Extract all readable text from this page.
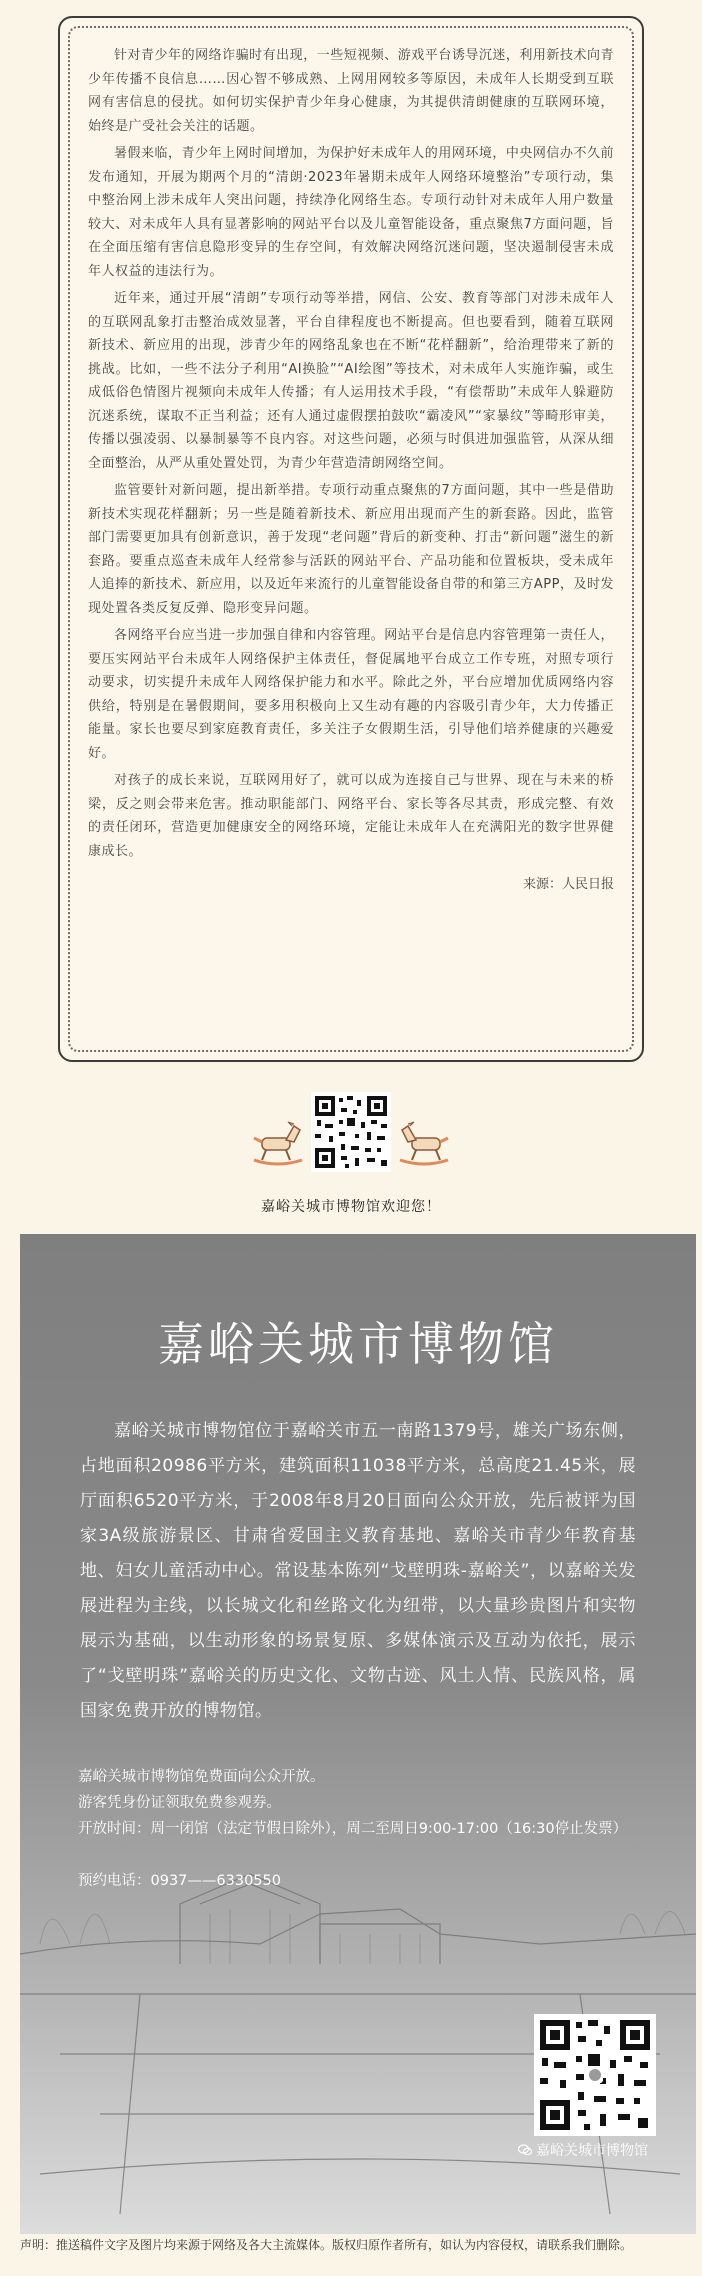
针对青少年的网络诈骗时有出现，一些短视频、游戏平台诱导沉迷，利用新技术向青少年传播不良信息……因心智不够成熟、上网用网较多等原因，未成年人长期受到互联网有害信息的侵扰。如何切实保护青少年身心健康，为其提供清朗健康的互联网环境，始终是广受社会关注的话题。

暑假来临，青少年上网时间增加，为保护好未成年人的用网环境，中央网信办不久前发布通知，开展为期两个月的“清朗·2023年暑期未成年人网络环境整治”专项行动，集中整治网上涉未成年人突出问题，持续净化网络生态。专项行动针对未成年人用户数量较大、对未成年人具有显著影响的网站平台以及儿童智能设备，重点聚焦7方面问题，旨在全面压缩有害信息隐形变异的生存空间，有效解决网络沉迷问题，坚决遏制侵害未成年人权益的违法行为。

近年来，通过开展“清朗”专项行动等举措，网信、公安、教育等部门对涉未成年人的互联网乱象打击整治成效显著，平台自律程度也不断提高。但也要看到，随着互联网新技术、新应用的出现，涉青少年的网络乱象也在不断“花样翻新”，给治理带来了新的挑战。比如，一些不法分子利用“AI换脸”“AI绘图”等技术，对未成年人实施诈骗，或生成低俗色情图片视频向未成年人传播；有人运用技术手段，“有偿帮助”未成年人躲避防沉迷系统，谋取不正当利益；还有人通过虚假摆拍鼓吹“霸凌风”“家暴纹”等畸形审美，传播以强凌弱、以暴制暴等不良内容。对这些问题，必须与时俱进加强监管，从深从细全面整治，从严从重处置处罚，为青少年营造清朗网络空间。

监管要针对新问题，提出新举措。专项行动重点聚焦的7方面问题，其中一些是借助新技术实现花样翻新；另一些是随着新技术、新应用出现而产生的新套路。因此，监管部门需要更加具有创新意识，善于发现“老问题”背后的新变种、打击“新问题”滋生的新套路。要重点巡查未成年人经常参与活跃的网站平台、产品功能和位置板块，受未成年人追捧的新技术、新应用，以及近年来流行的儿童智能设备自带的和第三方APP，及时发现处置各类反复反弹、隐形变异问题。

各网络平台应当进一步加强自律和内容管理。网站平台是信息内容管理第一责任人，要压实网站平台未成年人网络保护主体责任，督促属地平台成立工作专班，对照专项行动要求，切实提升未成年人网络保护能力和水平。除此之外，平台应增加优质网络内容供给，特别是在暑假期间，要多用积极向上又生动有趣的内容吸引青少年，大力传播正能量。家长也要尽到家庭教育责任，多关注子女假期生活，引导他们培养健康的兴趣爱好。

对孩子的成长来说，互联网用好了，就可以成为连接自己与世界、现在与未来的桥梁，反之则会带来危害。推动职能部门、网络平台、家长等各尽其责，形成完整、有效的责任闭环，营造更加健康安全的网络环境，定能让未成年人在充满阳光的数字世界健康成长。

来源：人民日报
嘉峪关城市博物馆欢迎您！
嘉峪关城市博物馆
嘉峪关城市博物馆位于嘉峪关市五一南路1379号，雄关广场东侧，占地面积20986平方米，建筑面积11038平方米，总高度21.45米，展厅面积6520平方米，于2008年8月20日面向公众开放，先后被评为国家3A级旅游景区、甘肃省爱国主义教育基地、嘉峪关市青少年教育基地、妇女儿童活动中心。常设基本陈列“戈壁明珠-嘉峪关”，以嘉峪关发展进程为主线，以长城文化和丝路文化为纽带，以大量珍贵图片和实物展示为基础，以生动形象的场景复原、多媒体演示及互动为依托，展示了“戈壁明珠”嘉峪关的历史文化、文物古迹、风土人情、民族风格，属国家免费开放的博物馆。
嘉峪关城市博物馆免费面向公众开放。
游客凭身份证领取免费参观券。
开放时间：周一闭馆（法定节假日除外），周二至周日9:00-17:00（16:30停止发票）
预约电话：0937——6330550
嘉峪关城市博物馆
声明：推送稿件文字及图片均来源于网络及各大主流媒体。版权归原作者所有，如认为内容侵权，请联系我们删除。
